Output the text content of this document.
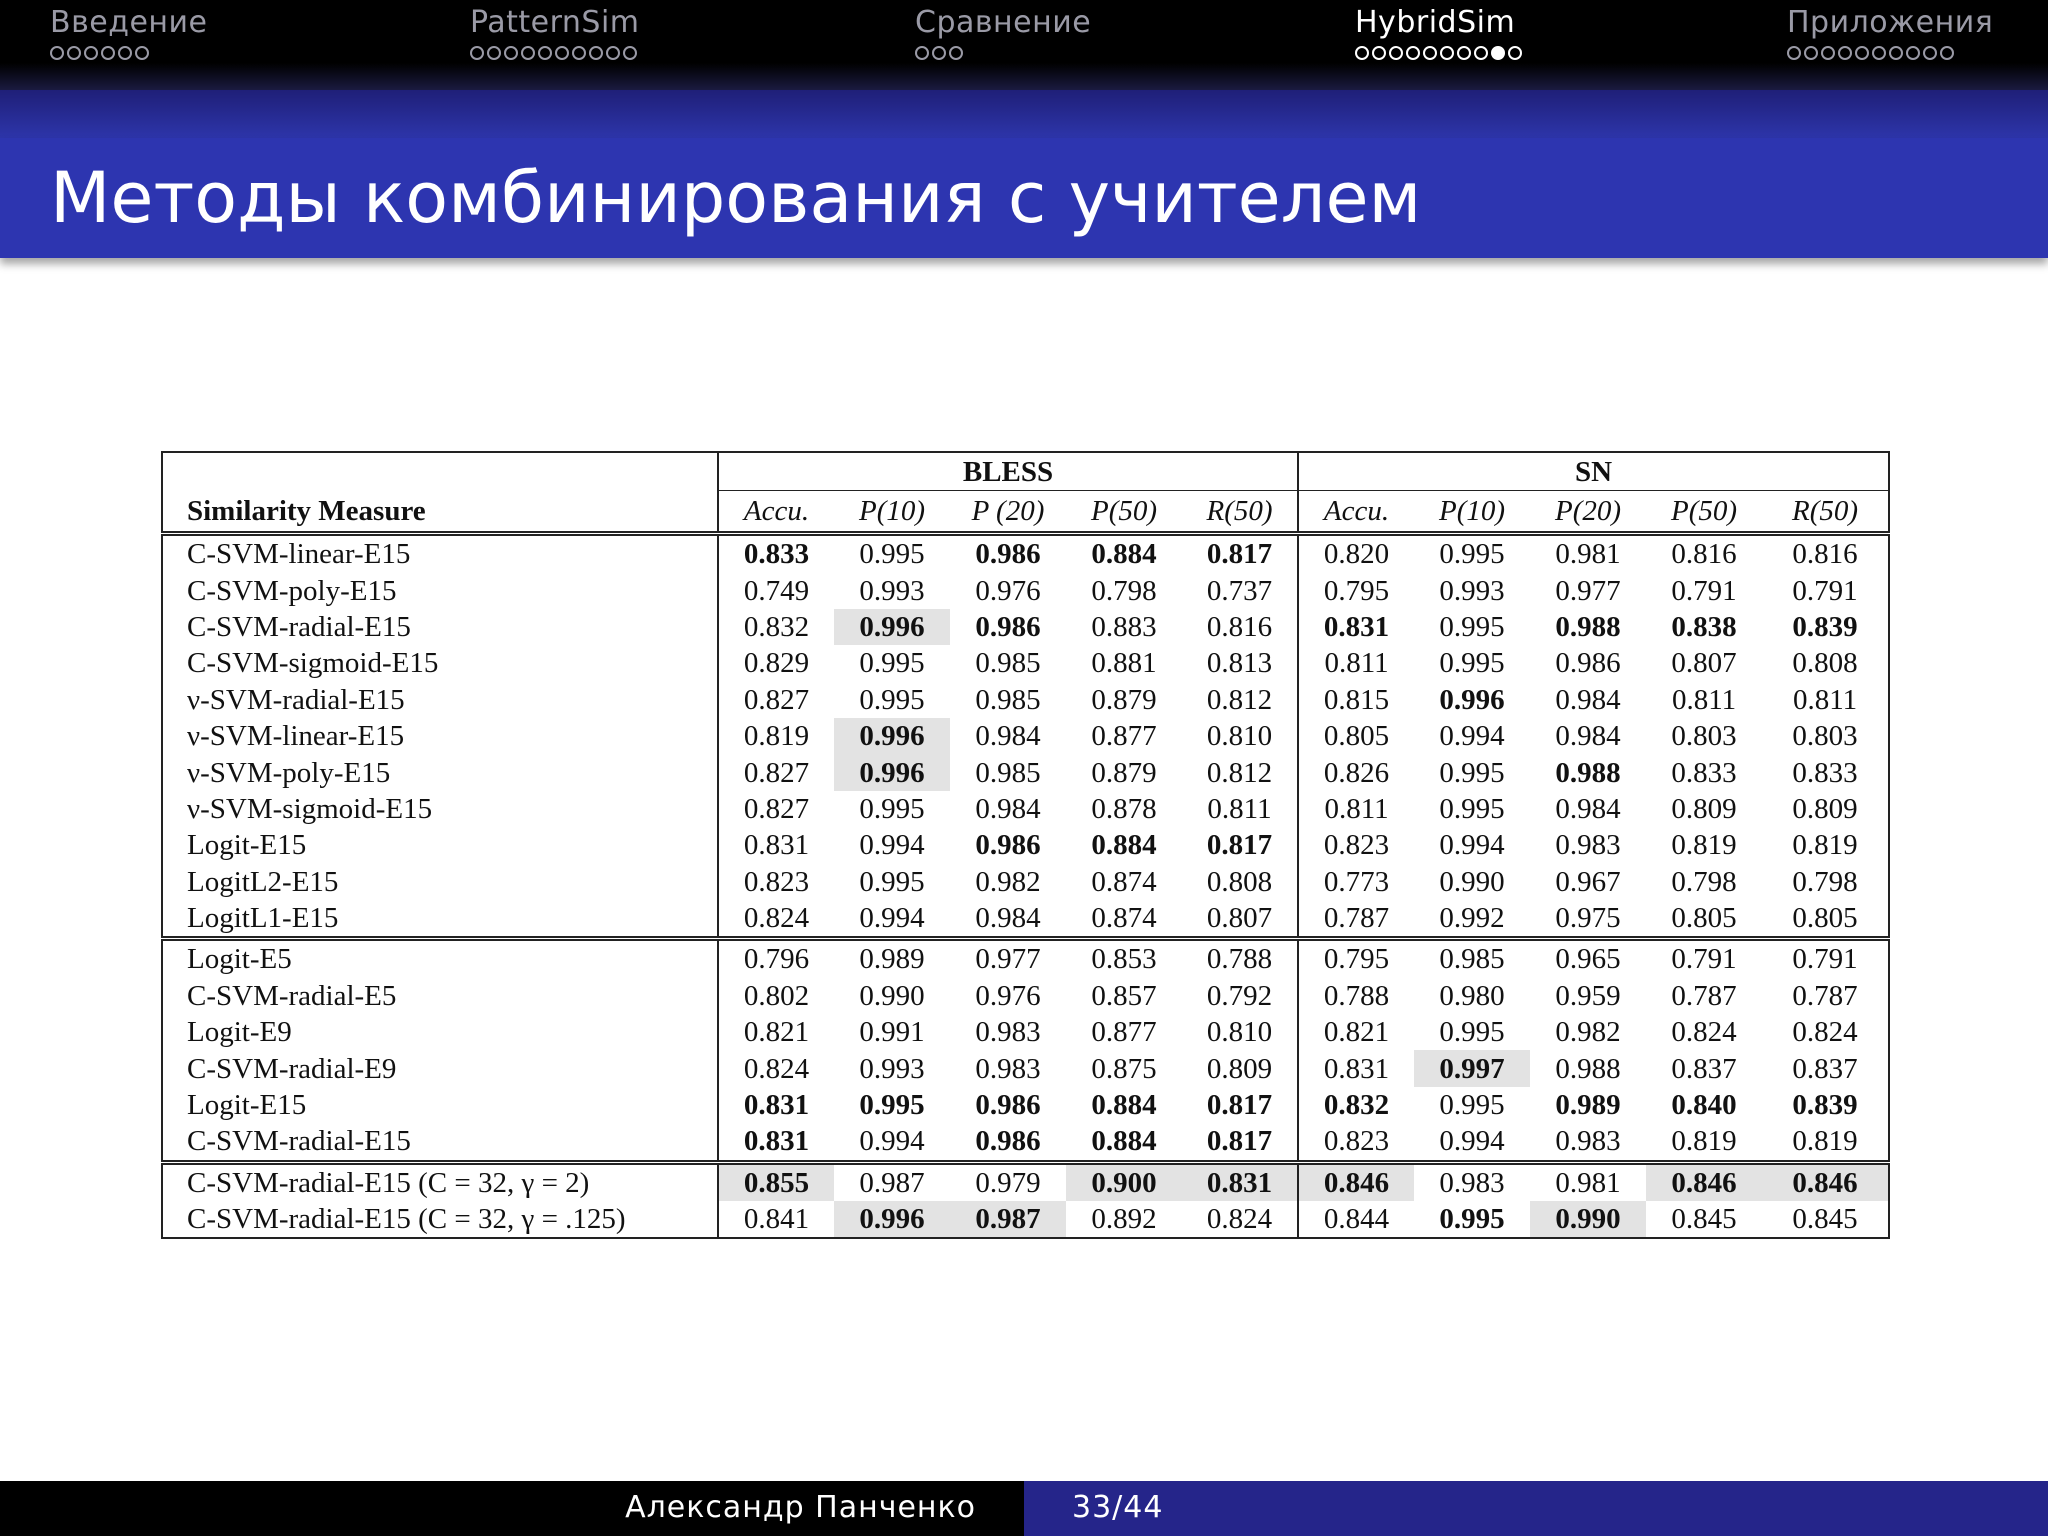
Введение	PatternSim	Сравнение	HybridSim	Приложения
Методы комбинирования с учителем
	BLESS					SN				
Similarity Measure	Accu.	P(10)	P (20)	P(50)	R(50)	Accu.	P(10)	P(20)	P(50)	R(50)
C-SVM-linear-E15	0.833	0.995	0.986	0.884	0.817	0.820	0.995	0.981	0.816	0.816
C-SVM-poly-E15	0.749	0.993	0.976	0.798	0.737	0.795	0.993	0.977	0.791	0.791
C-SVM-radial-E15	0.832	0.996	0.986	0.883	0.816	0.831	0.995	0.988	0.838	0.839
C-SVM-sigmoid-E15	0.829	0.995	0.985	0.881	0.813	0.811	0.995	0.986	0.807	0.808
ν-SVM-radial-E15	0.827	0.995	0.985	0.879	0.812	0.815	0.996	0.984	0.811	0.811
ν-SVM-linear-E15	0.819	0.996	0.984	0.877	0.810	0.805	0.994	0.984	0.803	0.803
ν-SVM-poly-E15	0.827	0.996	0.985	0.879	0.812	0.826	0.995	0.988	0.833	0.833
ν-SVM-sigmoid-E15	0.827	0.995	0.984	0.878	0.811	0.811	0.995	0.984	0.809	0.809
Logit-E15	0.831	0.994	0.986	0.884	0.817	0.823	0.994	0.983	0.819	0.819
LogitL2-E15	0.823	0.995	0.982	0.874	0.808	0.773	0.990	0.967	0.798	0.798
LogitL1-E15	0.824	0.994	0.984	0.874	0.807	0.787	0.992	0.975	0.805	0.805
Logit-E5	0.796	0.989	0.977	0.853	0.788	0.795	0.985	0.965	0.791	0.791
C-SVM-radial-E5	0.802	0.990	0.976	0.857	0.792	0.788	0.980	0.959	0.787	0.787
Logit-E9	0.821	0.991	0.983	0.877	0.810	0.821	0.995	0.982	0.824	0.824
C-SVM-radial-E9	0.824	0.993	0.983	0.875	0.809	0.831	0.997	0.988	0.837	0.837
Logit-E15	0.831	0.995	0.986	0.884	0.817	0.832	0.995	0.989	0.840	0.839
C-SVM-radial-E15	0.831	0.994	0.986	0.884	0.817	0.823	0.994	0.983	0.819	0.819
C-SVM-radial-E15 (C = 32, γ = 2)	0.855	0.987	0.979	0.900	0.831	0.846	0.983	0.981	0.846	0.846
C-SVM-radial-E15 (C = 32, γ = .125)	0.841	0.996	0.987	0.892	0.824	0.844	0.995	0.990	0.845	0.845
Александр Панченко	33/44
